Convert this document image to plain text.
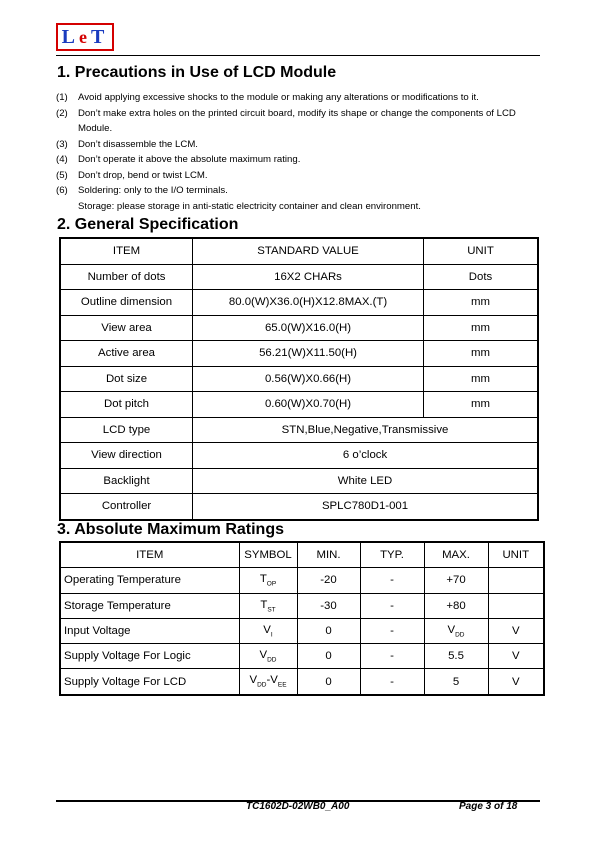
L e T
1. Precautions in Use of LCD Module
(1)	Avoid applying excessive shocks to the module or making any alterations or modifications to it.
(2)	Don’t make extra holes on the printed circuit board, modify its shape or change the components of LCD Module.
(3)	Don’t disassemble the LCM.
(4)	Don’t operate it above the absolute maximum rating.
(5)	Don’t drop, bend or twist LCM.
(6)	Soldering: only to the I/O terminals.
Storage: please storage in anti-static electricity container and clean environment.
2. General Specification
ITEM	STANDARD VALUE	UNIT
Number of dots	16X2 CHARs	Dots
Outline dimension	80.0(W)X36.0(H)X12.8MAX.(T)	mm
View area	65.0(W)X16.0(H)	mm
Active area	56.21(W)X11.50(H)	mm
Dot size	0.56(W)X0.66(H)	mm
Dot pitch	0.60(W)X0.70(H)	mm
LCD type	STN,Blue,Negative,Transmissive	
View direction	6 o’clock	
Backlight	White LED	
Controller	SPLC780D1-001	
3. Absolute Maximum Ratings
ITEM	SYMBOL	MIN.	TYP.	MAX.	UNIT
Operating Temperature	$T_{OP}$	-20	-	+70	
Storage Temperature	$T_{ST}$	-30	-	+80	
Input Voltage	$V_I$	0	-	$V_{DD}$	V
Supply Voltage For Logic	$V_{DD}$	0	-	5.5	V
Supply Voltage For LCD	$V_{DD}-V_{EE}$	0	-	5	V
TC1602D-02WB0_A00	Page 3 of 18
